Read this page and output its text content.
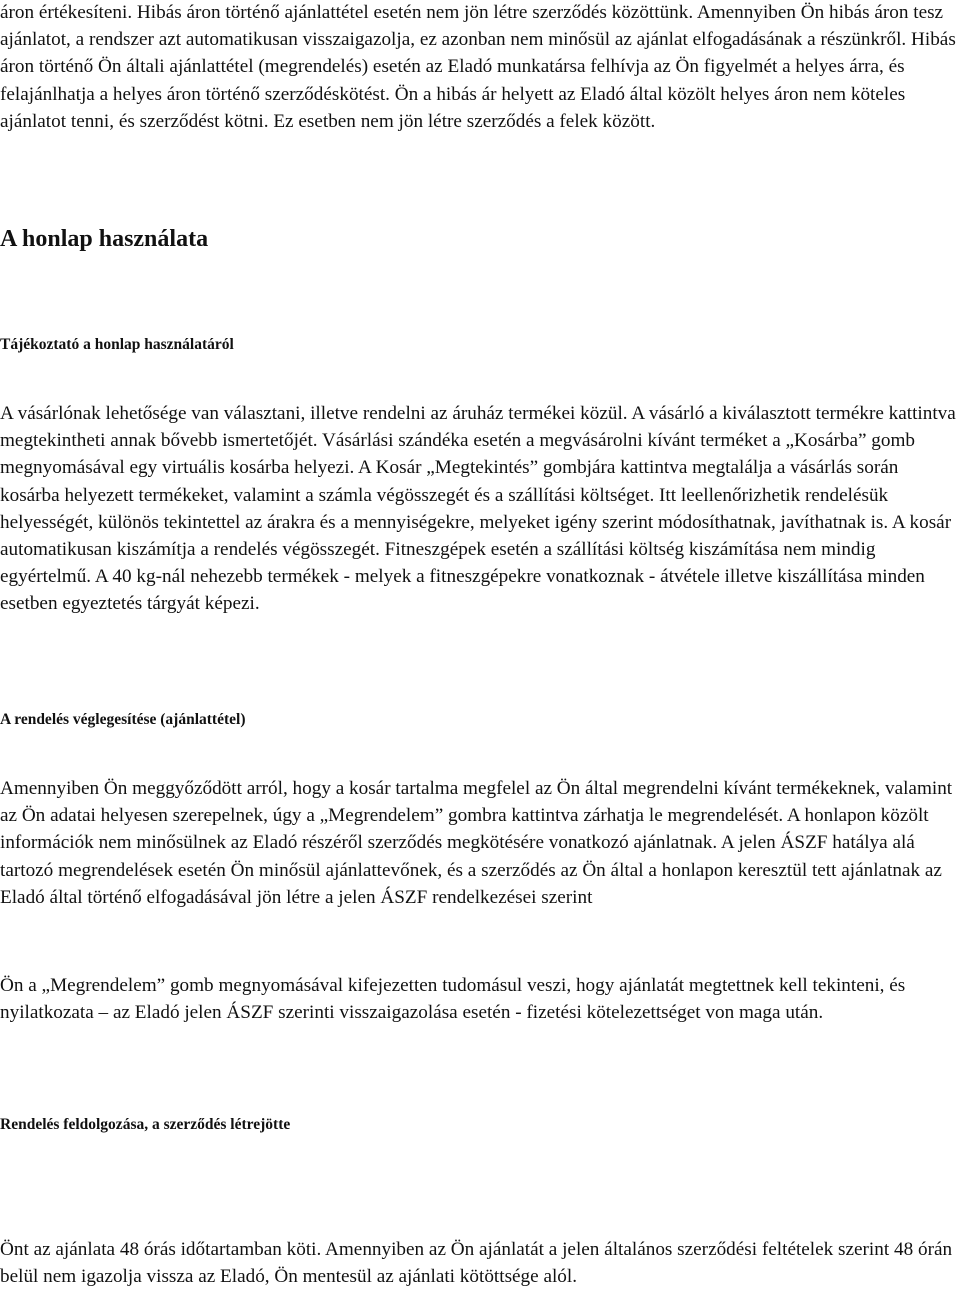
áron értékesíteni. Hibás áron történő ajánlattétel esetén nem jön létre szerződés közöttünk. Amennyiben Ön hibás áron tesz ajánlatot, a rendszer azt automatikusan visszaigazolja, ez azonban nem minősül az ajánlat elfogadásának a részünkről. Hibás áron történő Ön általi ajánlattétel (megrendelés) esetén az Eladó munkatársa felhívja az Ön figyelmét a helyes árra, és felajánlhatja a helyes áron történő szerződéskötést. Ön a hibás ár helyett az Eladó által közölt helyes áron nem köteles ajánlatot tenni, és szerződést kötni. Ez esetben nem jön létre szerződés a felek között.

A honlap használata
Tájékoztató a honlap használatáról

A vásárlónak lehetősége van választani, illetve rendelni az áruház termékei közül. A vásárló a kiválasztott termékre kattintva megtekintheti annak bővebb ismertetőjét. Vásárlási szándéka esetén a megvásárolni kívánt terméket a „Kosárba” gomb megnyomásával egy virtuális kosárba helyezi. A Kosár „Megtekintés” gombjára kattintva megtalálja a vásárlás során kosárba helyezett termékeket, valamint a számla végösszegét és a szállítási költséget. Itt leellenőrizhetik rendelésük helyességét, különös tekintettel az árakra és a mennyiségekre, melyeket igény szerint módosíthatnak, javíthatnak is. A kosár automatikusan kiszámítja a rendelés végösszegét. Fitneszgépek esetén a szállítási költség kiszámítása nem mindig egyértelmű. A 40 kg-nál nehezebb termékek - melyek a fitneszgépekre vonatkoznak - átvétele illetve kiszállítása minden esetben egyeztetés tárgyát képezi.

A rendelés véglegesítése (ajánlattétel)

Amennyiben Ön meggyőződött arról, hogy a kosár tartalma megfelel az Ön által megrendelni kívánt termékeknek, valamint az Ön adatai helyesen szerepelnek, úgy a „Megrendelem” gombra kattintva zárhatja le megrendelését. A honlapon közölt információk nem minősülnek az Eladó részéről szerződés megkötésére vonatkozó ajánlatnak. A jelen ÁSZF hatálya alá tartozó megrendelések esetén Ön minősül ajánlattevőnek, és a szerződés az Ön által a honlapon keresztül tett ajánlatnak az Eladó által történő elfogadásával jön létre a jelen ÁSZF rendelkezései szerint

Ön a „Megrendelem” gomb megnyomásával kifejezetten tudomásul veszi, hogy ajánlatát megtettnek kell tekinteni, és nyilatkozata – az Eladó jelen ÁSZF szerinti visszaigazolása esetén - fizetési kötelezettséget von maga után.

Rendelés feldolgozása, a szerződés létrejötte

Önt az ajánlata 48 órás időtartamban köti. Amennyiben az Ön ajánlatát a jelen általános szerződési feltételek szerint 48 órán belül nem igazolja vissza az Eladó, Ön mentesül az ajánlati kötöttsége alól.
